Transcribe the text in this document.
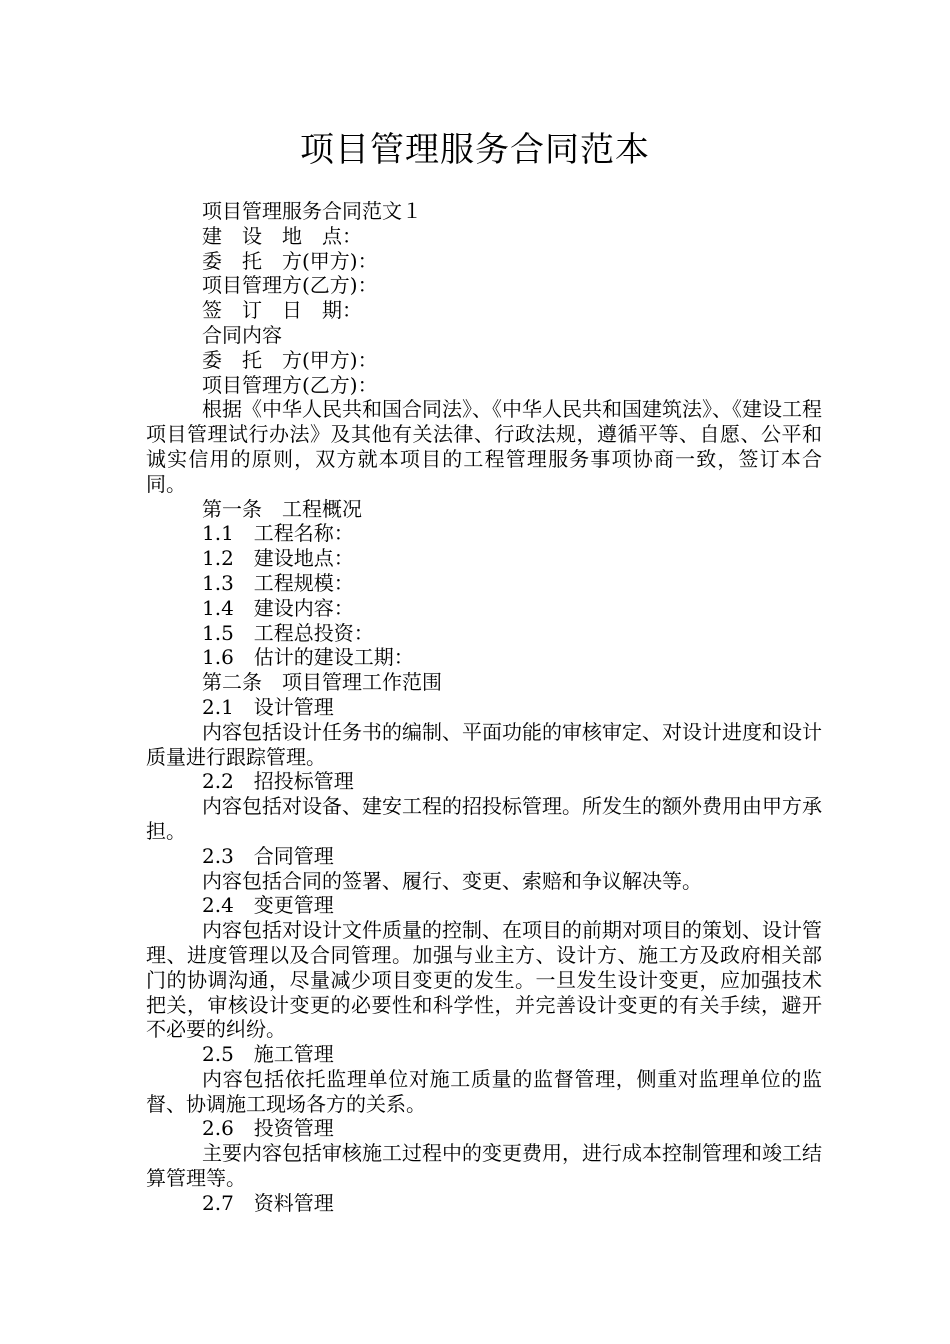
项目管理服务合同范本

项目管理服务合同范文１

建　设　地　点：

委　托　方(甲方)：

项目管理方(乙方)：

签　订　日　期：

合同内容

委　托　方(甲方)：

项目管理方(乙方)：

根据《中华人民共和国合同法》、《中华人民共和国建筑法》、《建设工程项目管理试行办法》及其他有关法律、行政法规，遵循平等、自愿、公平和诚实信用的原则，双方就本项目的工程管理服务事项协商一致，签订本合同。

第一条　工程概况

1.1　工程名称：

1.2　建设地点：

1.3　工程规模：

1.4　建设内容：

1.5　工程总投资：

1.6　估计的建设工期：

第二条　项目管理工作范围

2.1　设计管理

内容包括设计任务书的编制、平面功能的审核审定、对设计进度和设计质量进行跟踪管理。

2.2　招投标管理

内容包括对设备、建安工程的招投标管理。所发生的额外费用由甲方承担。

2.3　合同管理

内容包括合同的签署、履行、变更、索赔和争议解决等。

2.4　变更管理

内容包括对设计文件质量的控制、在项目的前期对项目的策划、设计管理、进度管理以及合同管理。加强与业主方、设计方、施工方及政府相关部门的协调沟通，尽量减少项目变更的发生。一旦发生设计变更，应加强技术把关，审核设计变更的必要性和科学性，并完善设计变更的有关手续，避开不必要的纠纷。

2.5　施工管理

内容包括依托监理单位对施工质量的监督管理，侧重对监理单位的监督、协调施工现场各方的关系。

2.6　投资管理

主要内容包括审核施工过程中的变更费用，进行成本控制管理和竣工结算管理等。

2.7　资料管理
